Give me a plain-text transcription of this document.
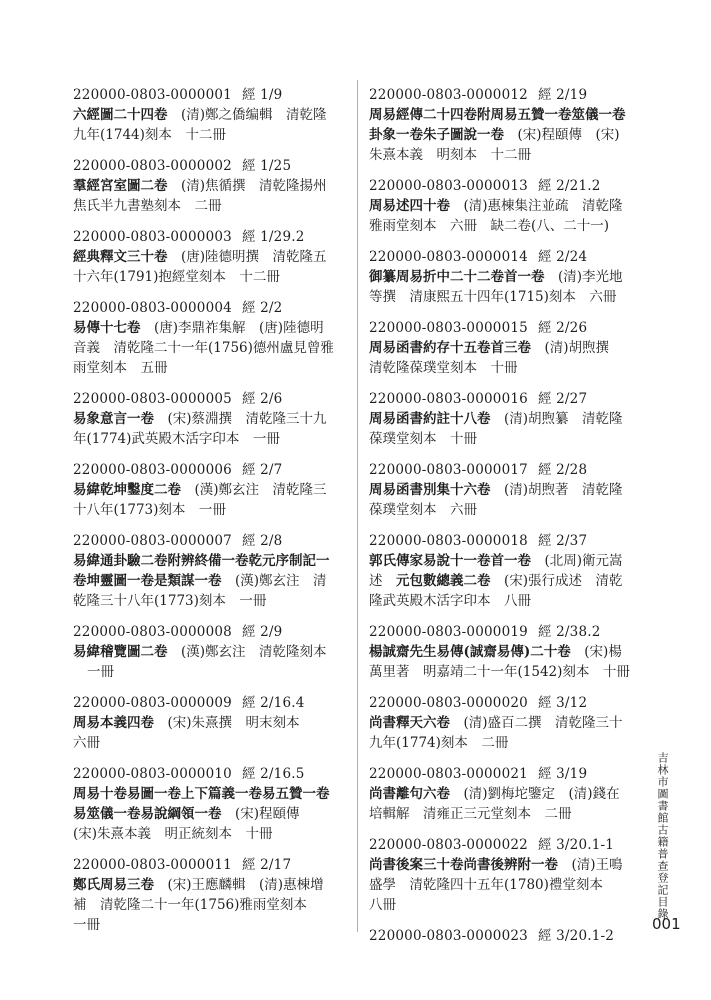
220000-0803-0000001 經 1/9
六經圖二十四卷　(清)鄭之僑编輯　清乾隆
九年(1744)刻本　十二冊
220000-0803-0000002 經 1/25
羣經宮室圖二卷　(清)焦循撰　清乾隆揚州
焦氏半九書塾刻本　二冊
220000-0803-0000003 經 1/29.2
經典釋文三十卷　(唐)陸德明撰　清乾隆五
十六年(1791)抱經堂刻本　十二冊
220000-0803-0000004 經 2/2
易傳十七卷　(唐)李鼎祚集解　(唐)陸德明
音義　清乾隆二十一年(1756)德州盧見曾雅
雨堂刻本　五冊
220000-0803-0000005 經 2/6
易象意言一卷　(宋)蔡淵撰　清乾隆三十九
年(1774)武英殿木活字印本　一冊
220000-0803-0000006 經 2/7
易緯乾坤鑿度二卷　(漢)鄭玄注　清乾隆三
十八年(1773)刻本　一冊
220000-0803-0000007 經 2/8
易緯通卦驗二卷附辨終備一卷乾元序制記一
卷坤靈圖一卷是類謀一卷　(漢)鄭玄注　清
乾隆三十八年(1773)刻本　一冊
220000-0803-0000008 經 2/9
易緯稽覽圖二卷　(漢)鄭玄注　清乾隆刻本
一冊
220000-0803-0000009 經 2/16.4
周易本義四卷　(宋)朱熹撰　明末刻本
六冊
220000-0803-0000010 經 2/16.5
周易十卷易圖一卷上下篇義一卷易五贊一卷
易筮儀一卷易說綱領一卷　(宋)程頤傳
(宋)朱熹本義　明正統刻本　十冊
220000-0803-0000011 經 2/17
鄭氏周易三卷　(宋)王應麟輯　(清)惠棟增
補　清乾隆二十一年(1756)雅雨堂刻本
一冊
220000-0803-0000012 經 2/19
周易經傳二十四卷附周易五贊一卷筮儀一卷
卦象一卷朱子圖說一卷　(宋)程頤傳　(宋)
朱熹本義　明刻本　十二冊
220000-0803-0000013 經 2/21.2
周易述四十卷　(清)惠棟集注並疏　清乾隆
雅雨堂刻本　六冊　缺二卷(八、二十一)
220000-0803-0000014 經 2/24
御纂周易折中二十二卷首一卷　(清)李光地
等撰　清康熙五十四年(1715)刻本　六冊
220000-0803-0000015 經 2/26
周易函書約存十五卷首三卷　(清)胡煦撰
清乾隆葆璞堂刻本　十冊
220000-0803-0000016 經 2/27
周易函書約註十八卷　(清)胡煦纂　清乾隆
葆璞堂刻本　十冊
220000-0803-0000017 經 2/28
周易函書別集十六卷　(清)胡煦著　清乾隆
葆璞堂刻本　六冊
220000-0803-0000018 經 2/37
郭氏傳家易說十一卷首一卷　(北周)衛元嵩
述　元包數總義二卷　(宋)張行成述　清乾
隆武英殿木活字印本　八冊
220000-0803-0000019 經 2/38.2
楊誠齋先生易傳(誠齋易傳)二十卷　(宋)楊
萬里著　明嘉靖二十一年(1542)刻本　十冊
220000-0803-0000020 經 3/12
尚書釋天六卷　(清)盛百二撰　清乾隆三十
九年(1774)刻本　二冊
220000-0803-0000021 經 3/19
尚書離句六卷　(清)劉梅坨鑒定　(清)錢在
培輯解　清雍正三元堂刻本　二冊
220000-0803-0000022 經 3/20.1-1
尚書後案三十卷尚書後辨附一卷　(清)王鳴
盛學　清乾隆四十五年(1780)禮堂刻本
八冊
220000-0803-0000023 經 3/20.1-2
吉林市圖書館古籍普查登記目錄
001
